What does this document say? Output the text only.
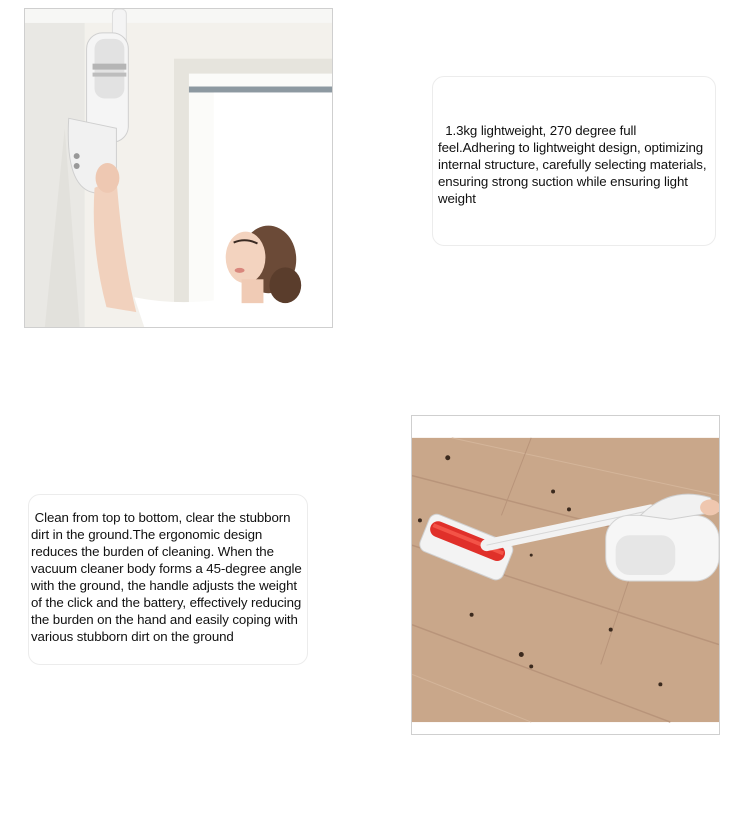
1.3kg lightweight, 270 degree full feel.Adhering to lightweight design, optimizing internal structure, carefully selecting materials, ensuring strong suction while ensuring light weight
Clean from top to bottom, clear the stubborn dirt in the ground.The ergonomic design reduces the burden of cleaning. When the vacuum cleaner body forms a 45-degree angle with the ground, the handle adjusts the weight of the click and the battery, effectively reducing the burden on the hand and easily coping with various stubborn dirt on the ground
